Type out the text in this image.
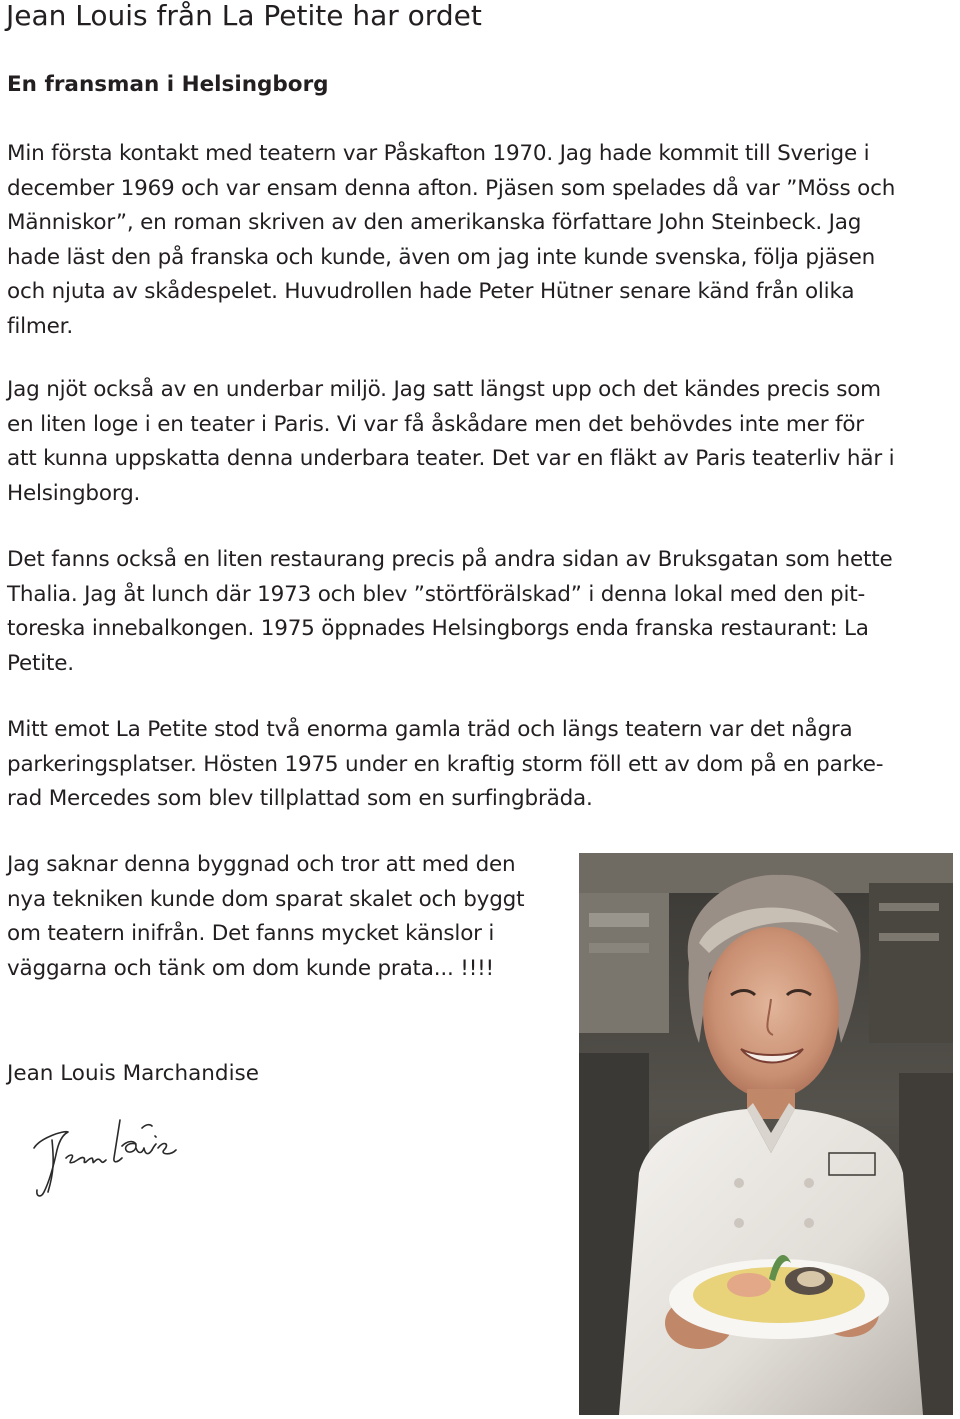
Jean Louis från La Petite har ordet
En fransman i Helsingborg
Min första kontakt med teatern var Påskafton 1970. Jag hade kommit till Sverige i
december 1969 och var ensam denna afton. Pjäsen som spelades då var ”Möss och
Människor”, en roman skriven av den amerikanska författare John Steinbeck. Jag
hade läst den på franska och kunde, även om jag inte kunde svenska, följa pjäsen
och njuta av skådespelet. Huvudrollen hade Peter Hütner senare känd från olika
filmer.
Jag njöt också av en underbar miljö. Jag satt längst upp och det kändes precis som
en liten loge i en teater i Paris. Vi var få åskådare men det behövdes inte mer för
att kunna uppskatta denna underbara teater. Det var en fläkt av Paris teaterliv här i
Helsingborg.
Det fanns också en liten restaurang precis på andra sidan av Bruksgatan som hette
Thalia. Jag åt lunch där 1973 och blev ”störtförälskad” i denna lokal med den pit-
toreska innebalkongen. 1975 öppnades Helsingborgs enda franska restaurant: La
Petite.
Mitt emot La Petite stod två enorma gamla träd och längs teatern var det några
parkeringsplatser. Hösten 1975 under en kraftig storm föll ett av dom på en parke-
rad Mercedes som blev tillplattad som en surfingbräda.
Jag saknar denna byggnad och tror att med den
nya tekniken kunde dom sparat skalet och byggt
om teatern inifrån. Det fanns mycket känslor i
väggarna och tänk om dom kunde prata... !!!!

Jean Louis Marchandise
